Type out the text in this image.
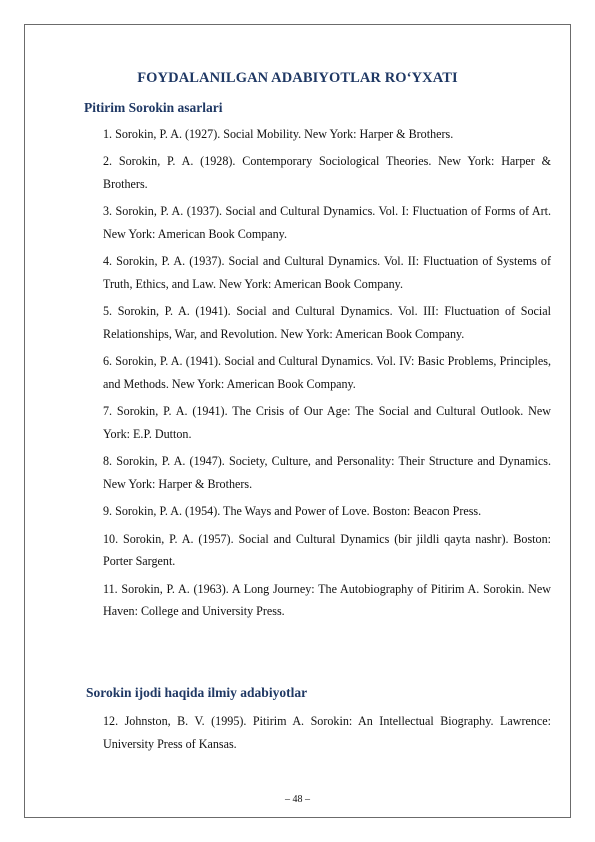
FOYDALANILGAN ADABIYOTLAR RO‘YXATI
Pitirim Sorokin asarlari
1. Sorokin, P. A. (1927). Social Mobility. New York: Harper & Brothers.
2. Sorokin, P. A. (1928). Contemporary Sociological Theories. New York: Harper & Brothers.
3. Sorokin, P. A. (1937). Social and Cultural Dynamics. Vol. I: Fluctuation of Forms of Art. New York: American Book Company.
4. Sorokin, P. A. (1937). Social and Cultural Dynamics. Vol. II: Fluctuation of Systems of Truth, Ethics, and Law. New York: American Book Company.
5. Sorokin, P. A. (1941). Social and Cultural Dynamics. Vol. III: Fluctuation of Social Relationships, War, and Revolution. New York: American Book Company.
6. Sorokin, P. A. (1941). Social and Cultural Dynamics. Vol. IV: Basic Problems, Principles, and Methods. New York: American Book Company.
7. Sorokin, P. A. (1941). The Crisis of Our Age: The Social and Cultural Outlook. New York: E.P. Dutton.
8. Sorokin, P. A. (1947). Society, Culture, and Personality: Their Structure and Dynamics. New York: Harper & Brothers.
9. Sorokin, P. A. (1954). The Ways and Power of Love. Boston: Beacon Press.
10. Sorokin, P. A. (1957). Social and Cultural Dynamics (bir jildli qayta nashr). Boston: Porter Sargent.
11. Sorokin, P. A. (1963). A Long Journey: The Autobiography of Pitirim A. Sorokin. New Haven: College and University Press.
Sorokin ijodi haqida ilmiy adabiyotlar
12. Johnston, B. V. (1995). Pitirim A. Sorokin: An Intellectual Biography. Lawrence: University Press of Kansas.
– 48 –
